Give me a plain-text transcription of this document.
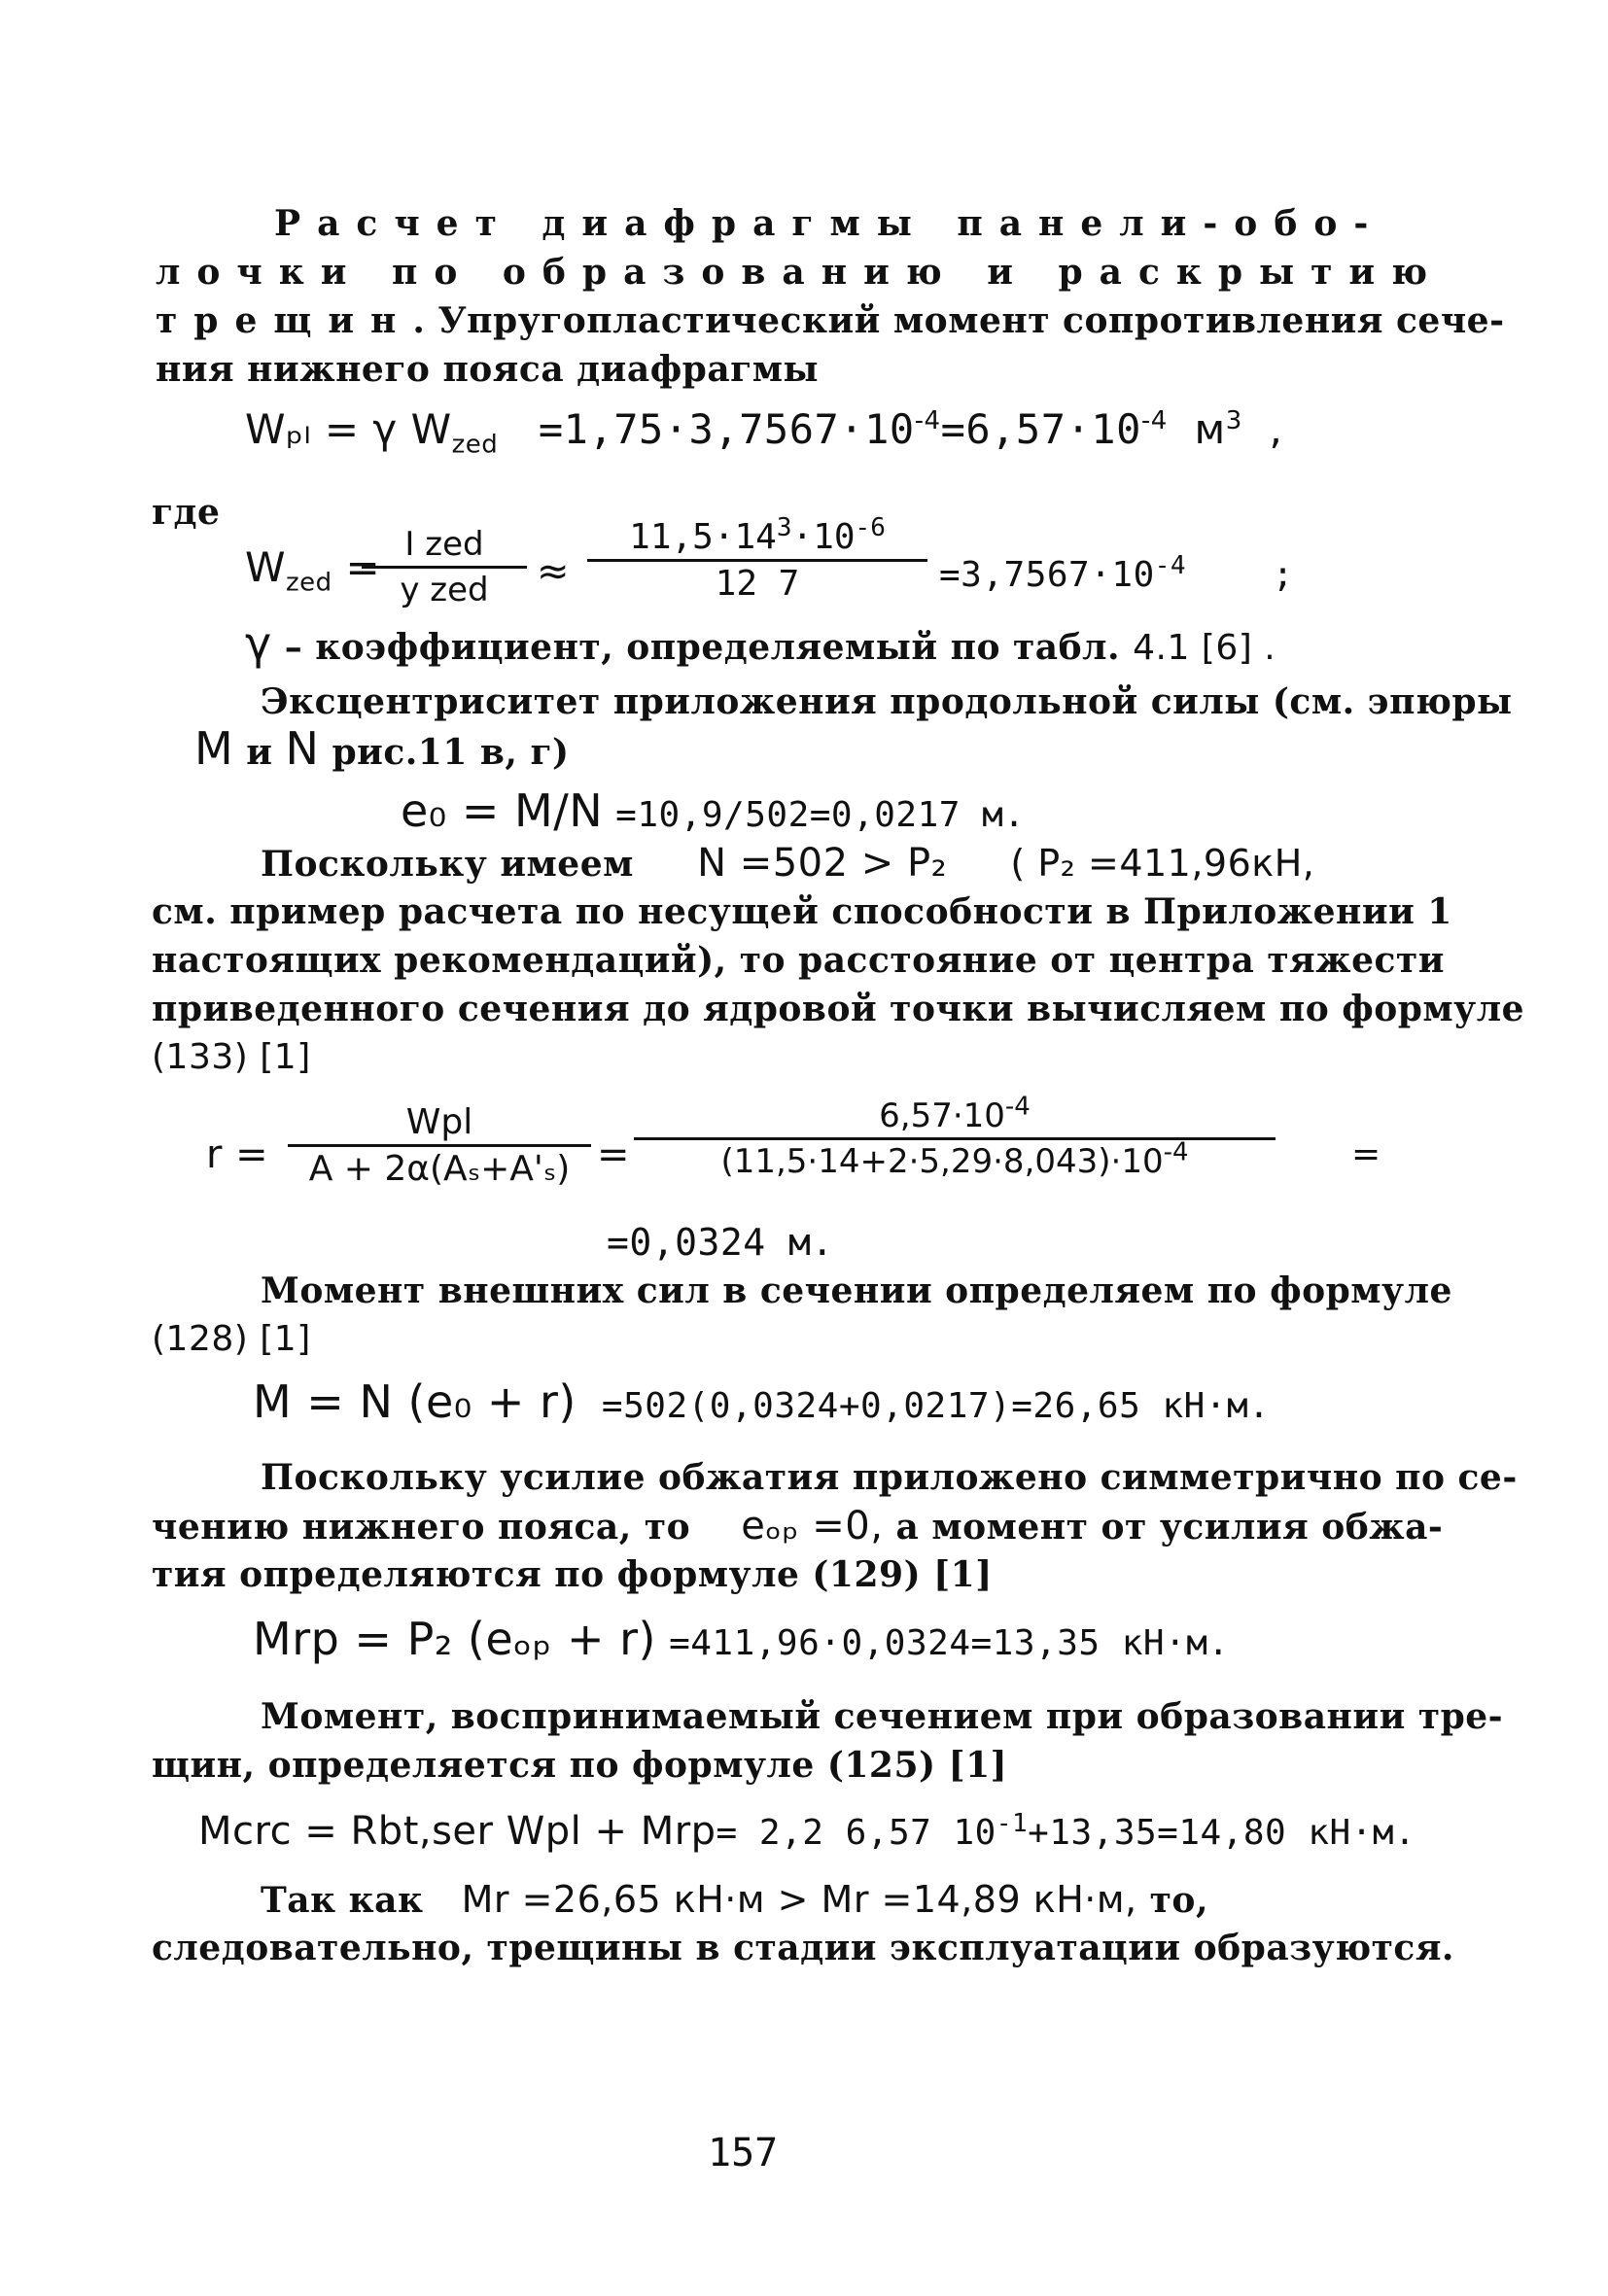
Расчет диафрагмы панели-обо-
лочки по образованию и раскрытию
трещин. Упругопластический момент сопротивления сече-
ния нижнего пояса диафрагмы
Wₚₗ = γ $W_{zed} =1,75\cdot 3,7567\cdot 10^{-4}=6,57\cdot 10^{-4}$ $м^3$ ,
где
$W_{zed} = I$ zed
y zed	≈
$11,5\cdot 14^3\cdot 10^{-6}$
12 7	$=3,7567\cdot 10^{-4}$ ;
γ – коэффициент, определяемый по табл. 4.1 [6] .
Эксцентриситет приложения продольной силы (см. эпюры
M и N рис.11 в, г)
e₀ = M/N =10,9/502=0,0217 м.
Поскольку имеем N =502 > P₂ ( P₂ =411,96кН,
см. пример расчета по несущей способности в Приложении 1
настоящих рекомендаций), то расстояние от центра тяжести
приведенного сечения до ядровой точки вычисляем по формуле
(133) [1]
r =
Wpl
A + 2α(Aₛ+A'ₛ) =
$6,57\cdot 10^{-4}$
$(11,5\cdot 14+2\cdot 5,29\cdot 8,043)\cdot 10^{-4}$	=
=0,0324 м.
Момент внешних сил в сечении определяем по формуле
(128) [1]
M = N (e₀ + r) =502(0,0324+0,0217)=26,65 кН·м.
Поскольку усилие обжатия приложено симметрично по се-
чению нижнего пояса, то eₒₚ =0, а момент от усилия обжа-
тия определяются по формуле (129) [1]
Mrp = P₂ (eₒₚ + r) =411,96·0,0324=13,35 кН·м.
Момент, воспринимаемый сечением при образовании тре-
щин, определяется по формуле (125) [1]
Mcrc = Rbt,ser Wpl + Mrp= 2,2 6,57 $10^{-1}+13,35=14,80$ кН·м.
Так как Mr =26,65 кН·м > Mr =14,89 кН·м, то,
следовательно, трещины в стадии эксплуатации образуются.
157
